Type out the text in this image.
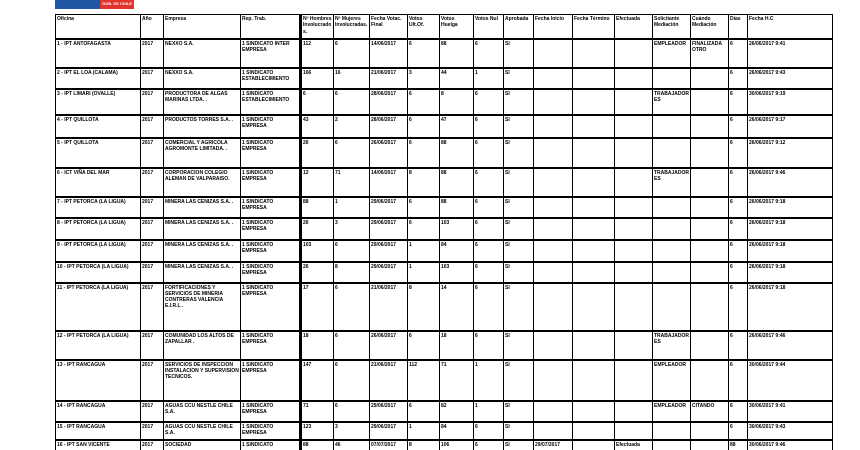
GOB. DE CHILE
Oficina	Año	Empresa	Rep. Trab.	Nº Hombres Involucrados.	Nº Mujeres Involucradas.	Fecha Votac. Final	Votos Ult.Of.	Votos Huelga	Votos Nul	Aprobada	Fecha Inicio	Fecha Término	Efectuada	Solicitante Mediación	Cuándo Mediación	Días	Fecha H.C
1 - IPT ANTOFAGASTA	2017	NEXXO S.A.	1 SINDICATO INTER EMPRESA	112	6	14/06/2017	6	88	6	SI				EMPLEADOR	FINALIZADA OTRO	6	26/06/2017 9:41
2 - IPT EL LOA (CALAMA)	2017	NEXXO S.A.	1 SINDICATO ESTABLECIMIENTO	166	16	21/06/2017	3	44	1	SI						6	26/06/2017 9:43
3 - IPT LIMARI (OVALLE)	2017	PRODUCTORA DE ALGAS MARINAS LTDA. .	1 SINDICATO ESTABLECIMIENTO	6	6	28/06/2017	6	8	6	SI				TRABAJADORES		6	30/06/2017 9:19
4 - IPT QUILLOTA	2017	PRODUCTOS TORRES S.A. .	1 SINDICATO EMPRESA	43	2	28/06/2017	6	47	6	SI						6	26/06/2017 9:17
5 - IPT QUILLOTA	2017	COMERCIAL Y AGRICOLA AGROMONTE LIMITADA. .	1 SINDICATO EMPRESA	26	6	26/06/2017	6	88	6	SI						6	26/06/2017 9:12
6 - ICT VIÑA DEL MAR	2017	CORPORACION COLEGIO ALEMAN DE VALPARAISO.	1 SINDICATO EMPRESA	12	71	14/06/2017	8	88	6	SI				TRABAJADORES		6	26/06/2017 9:46
7 - IPT PETORCA (LA LIGUA)	2017	MINERA LAS CENIZAS S.A. .	1 SINDICATO EMPRESA	88	1	29/06/2017	6	88	6	SI						6	26/06/2017 9:18
8 - IPT PETORCA (LA LIGUA)	2017	MINERA LAS CENIZAS S.A. .	1 SINDICATO EMPRESA	26	3	29/06/2017	6	103	6	SI						6	26/06/2017 9:18
9 - IPT PETORCA (LA LIGUA)	2017	MINERA LAS CENIZAS S.A. .	1 SINDICATO EMPRESA	103	6	29/06/2017	1	84	6	SI						6	26/06/2017 9:18
10 - IPT PETORCA (LA LIGUA)	2017	MINERA LAS CENIZAS S.A. .	1 SINDICATO EMPRESA	26	8	29/06/2017	1	103	6	SI						6	26/06/2017 9:18
11 - IPT PETORCA (LA LIGUA)	2017	FORTIFICACIONES Y SERVICIOS DE MINERIA CONTRERAS VALENCIA E.I.R.L .	1 SINDICATO EMPRESA	17	6	21/06/2017	8	14	6	SI						6	26/06/2017 9:18
12 - IPT PETORCA (LA LIGUA)	2017	COMUNIDAD LOS ALTOS DE ZAPALLAR .	1 SINDICATO EMPRESA	18	6	26/06/2017	6	18	6	SI				TRABAJADORES		6	26/06/2017 9:46
13 - IPT RANCAGUA	2017	SERVICIOS DE INSPECCION INSTALACION Y SUPERVISION TECNICOS.	1 SINDICATO EMPRESA	147	6	21/06/2017	112	71	1	SI				EMPLEADOR		6	30/06/2017 9:44
14 - IPT RANCAGUA	2017	AGUAS CCU NESTLE CHILE S.A.	1 SINDICATO EMPRESA	71	6	29/06/2017	6	82	1	SI				EMPLEADOR	CITANDO	6	30/06/2017 9:41
15 - IPT RANCAGUA	2017	AGUAS CCU NESTLE CHILE S.A.	1 SINDICATO EMPRESA	123	3	29/06/2017	1	84	6	SI						6	30/06/2017 9:43
16 - IPT SAN VICENTE	2017	SOCIEDAD	1 SINDICATO	88	46	07/07/2017	8	106	6	SI	29/07/2017		Efectuada			88	30/06/2017 9:46
